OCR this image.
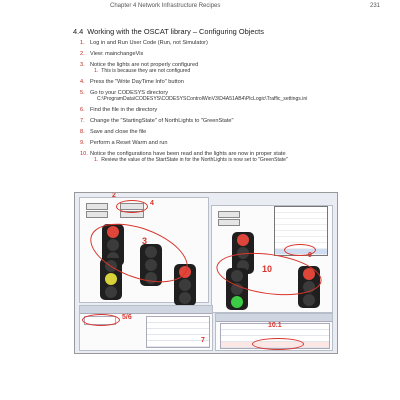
Chapter 4 Network Infrastructure Recipes	231
4.4 Working with the OSCAT library – Configuring Objects
1. Log in and Run User Code (Run, not Simulator)
2. View: mainchangeVis
3. Notice the lights are not properly configured
1. This is because they are not configured
4. Press the "Write DayTime Info" button
5. Go to your CODESYS directory
C:\ProgramData\CODESYS\CODESYSControlWinV3\D4A51AB4\PlcLogic\Traffic_settings.ini
6. Find the file in the directory
7. Change the "StartingState" of NorthLights to "GreenState"
8. Save and close the file
9. Perform a Reset Warm and run
10. Notice the configurations have been read and the lights are now in proper state
1. Review the value of the StartState in for the NorthLights is now set to "GreenState"
2
4
3
9
10
5/6
10.1
7
